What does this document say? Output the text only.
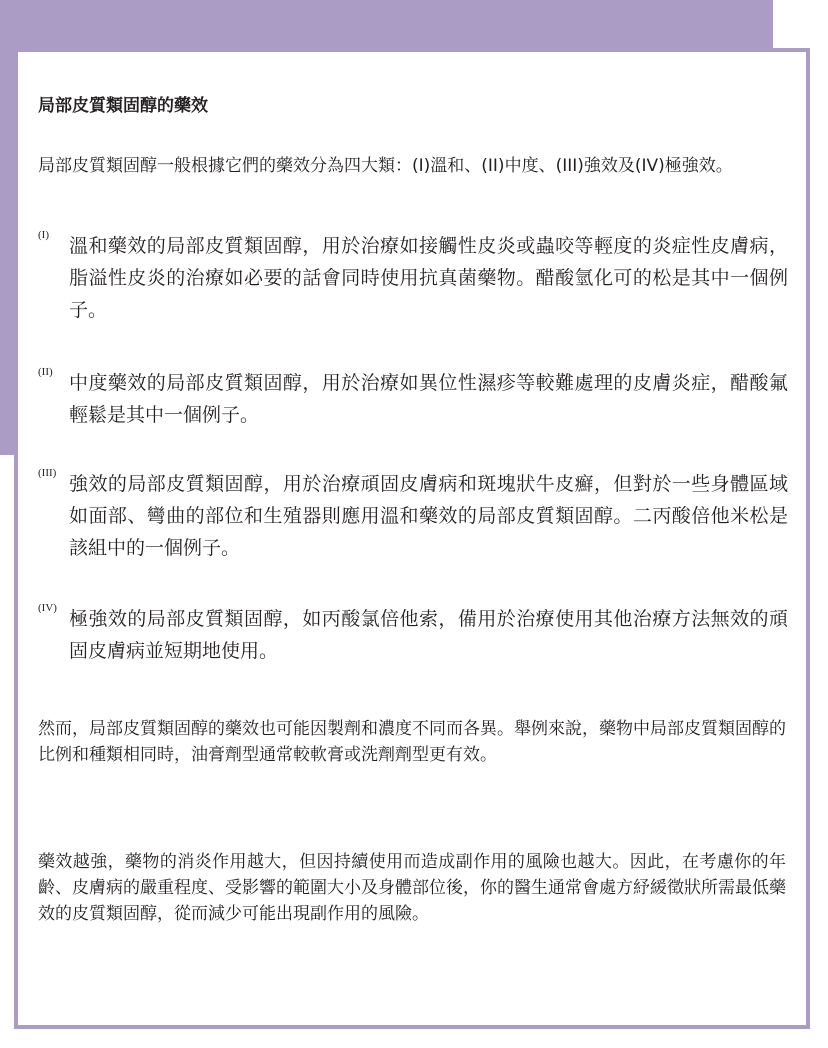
局部皮質類固醇的藥效

局部皮質類固醇一般根據它們的藥效分為四大類：(I)溫和、(II)中度、(III)強效及(IV)極強效。

(I) 溫和藥效的局部皮質類固醇，用於治療如接觸性皮炎或蟲咬等輕度的炎症性皮膚病，脂溢性皮炎的治療如必要的話會同時使用抗真菌藥物。醋酸氫化可的松是其中一個例子。

(II) 中度藥效的局部皮質類固醇，用於治療如異位性濕疹等較難處理的皮膚炎症，醋酸氟輕鬆是其中一個例子。

(III) 強效的局部皮質類固醇，用於治療頑固皮膚病和斑塊狀牛皮癬，但對於一些身體區域如面部、彎曲的部位和生殖器則應用溫和藥效的局部皮質類固醇。二丙酸倍他米松是該組中的一個例子。

(IV) 極強效的局部皮質類固醇，如丙酸氯倍他索，備用於治療使用其他治療方法無效的頑固皮膚病並短期地使用。

然而，局部皮質類固醇的藥效也可能因製劑和濃度不同而各異。舉例來說，藥物中局部皮質類固醇的比例和種類相同時，油膏劑型通常較軟膏或洗劑劑型更有效。

藥效越強，藥物的消炎作用越大，但因持續使用而造成副作用的風險也越大。因此，在考慮你的年齡、皮膚病的嚴重程度、受影響的範圍大小及身體部位後，你的醫生通常會處方紓緩徵狀所需最低藥效的皮質類固醇，從而減少可能出現副作用的風險。
